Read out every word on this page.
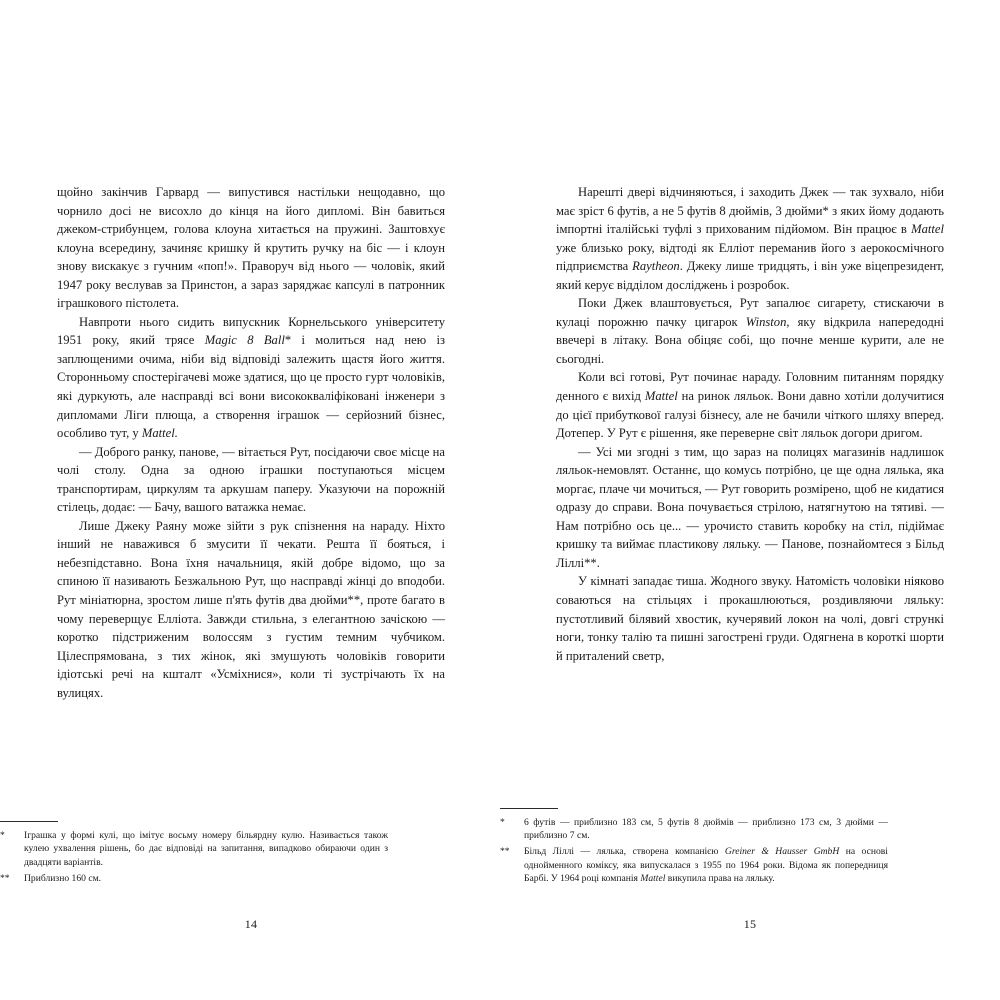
щойно закінчив Гарвард — випустився настільки нещодавно, що чорнило досі не висохло до кінця на його дипломі. Він бавиться джеком-стрибунцем, голова клоуна хитається на пружині. Заштовхує клоуна всередину, зачиняє кришку й крутить ручку на біс — і клоун знову вискакує з гучним «поп!». Праворуч від нього — чоловік, який 1947 року веслував за Принстон, а зараз заряджає капсулі в патронник іграшкового пістолета.

Навпроти нього сидить випускник Корнельського університету 1951 року, який трясе Magic 8 Ball* і молиться над нею із заплющеними очима, ніби від відповіді залежить щастя його життя. Сторонньому спостерігачеві може здатися, що це просто гурт чоловіків, які дуркують, але насправді всі вони висококваліфіковані інженери з дипломами Ліги плюща, а створення іграшок — серйозний бізнес, особливо тут, у Mattel.

— Доброго ранку, панове, — вітається Рут, посідаючи своє місце на чолі столу. Одна за одною іграшки поступаються місцем транспортирам, циркулям та аркушам паперу. Указуючи на порожній стілець, додає: — Бачу, вашого ватажка немає.

Лише Джеку Раяну може зійти з рук спізнення на нараду. Ніхто інший не наважився б змусити її чекати. Решта її бояться, і небезпідставно. Вона їхня начальниця, якій добре відомо, що за спиною її називають Безжальною Рут, що насправді жінці до вподоби. Рут мініатюрна, зростом лише п'ять футів два дюйми**, проте багато в чому переверщує Елліота. Завжди стильна, з елегантною зачіскою — коротко підстриженим волоссям з густим темним чубчиком. Цілеспрямована, з тих жінок, які змушують чоловіків говорити ідіотські речі на кшталт «Усміхнися», коли ті зустрічають їх на вулицях.

*	Іграшка у формі кулі, що імітує восьму номеру більярдну кулю. Називається також кулею ухвалення рішень, бо дає відповіді на запитання, випадково обираючи один з двадцяти варіантів.
**	Приблизно 160 см.
14

Нарешті двері відчиняються, і заходить Джек — так зухвало, ніби має зріст 6 футів, а не 5 футів 8 дюймів, 3 дюйми* з яких йому додають імпортні італійські туфлі з прихованим підйомом. Він працює в Mattel уже близько року, відтоді як Елліот переманив його з аерокосмічного підприємства Raytheon. Джеку лише тридцять, і він уже віцепрезидент, який керує відділом досліджень і розробок.

Поки Джек влаштовується, Рут запалює сигарету, стискаючи в кулаці порожню пачку цигарок Winston, яку відкрила напередодні ввечері в літаку. Вона обіцяє собі, що почне менше курити, але не сьогодні.

Коли всі готові, Рут починає нараду. Головним питанням порядку денного є вихід Mattel на ринок ляльок. Вони давно хотіли долучитися до цієї прибуткової галузі бізнесу, але не бачили чіткого шляху вперед. Дотепер. У Рут є рішення, яке переверне світ ляльок догори дригом.

— Усі ми згодні з тим, що зараз на полицях магазинів надлишок ляльок-немовлят. Останнє, що комусь потрібно, це ще одна лялька, яка моргає, плаче чи мочиться, — Рут говорить розмірено, щоб не кидатися одразу до справи. Вона почувається стрілою, натягнутою на тятиві. — Нам потрібно ось це... — урочисто ставить коробку на стіл, підіймає кришку та виймає пластикову ляльку. — Панове, познайомтеся з Більд Ліллі**.

У кімнаті западає тиша. Жодного звуку. Натомість чоловіки ніяково соваються на стільцях і прокашлюються, роздивляючи ляльку: пустотливий білявий хвостик, кучерявий локон на чолі, довгі стрункі ноги, тонку талію та пишні загострені груди. Одягнена в короткі шорти й приталений светр,

*	6 футів — приблизно 183 см, 5 футів 8 дюймів — приблизно 173 см, 3 дюйми — приблизно 7 см.
**	Більд Ліллі — лялька, створена компанією Greiner & Hausser GmbH на основі однойменного коміксу, яка випускалася з 1955 по 1964 роки. Відома як попередниця Барбі. У 1964 році компанія Mattel викупила права на ляльку.
15
